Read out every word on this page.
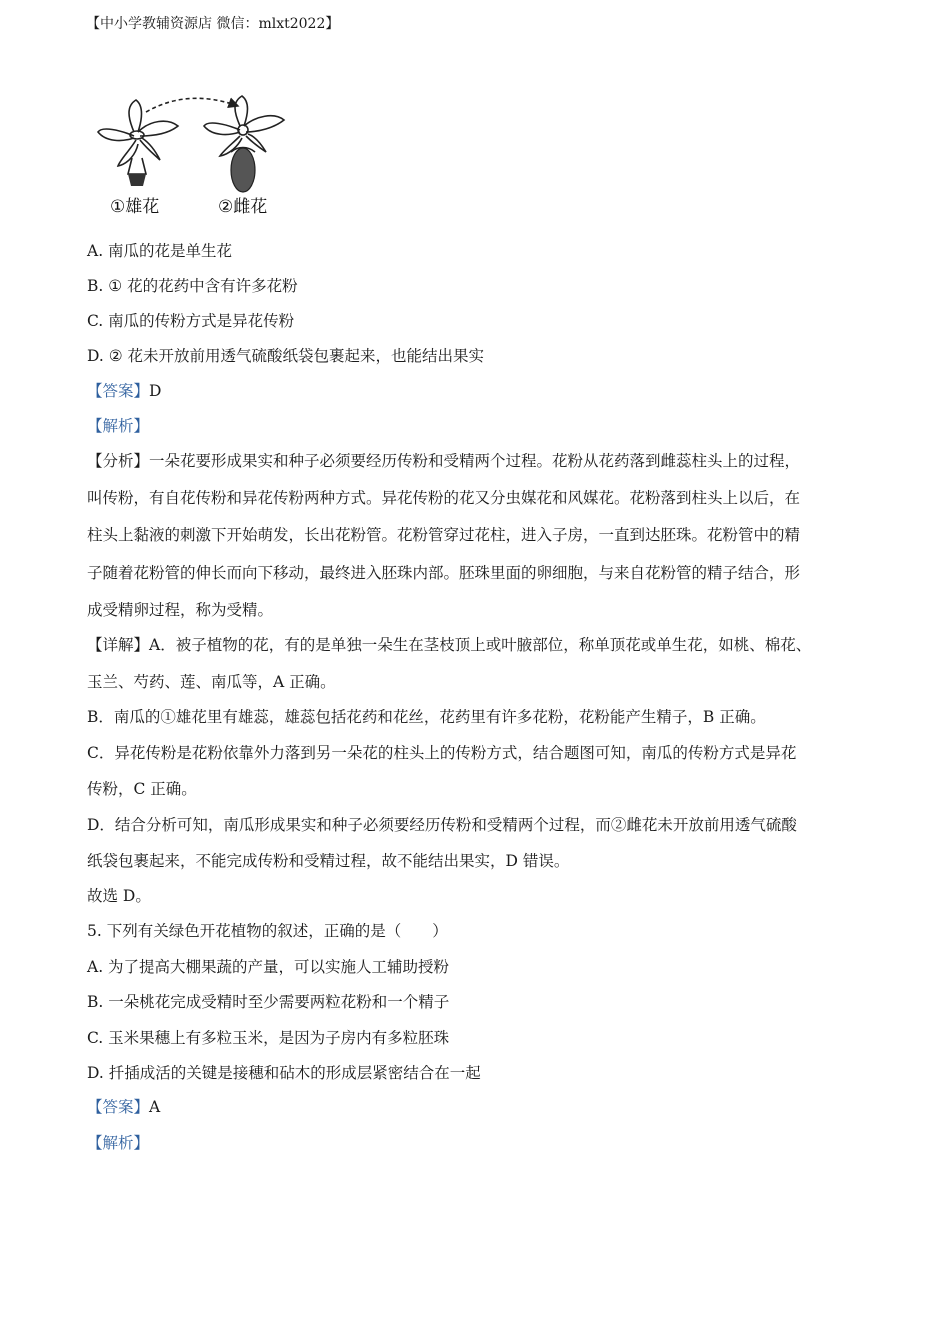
【中小学教辅资源店 微信：mlxt2022】
①雄花	②雌花
A. 南瓜的花是单生花
B. ① 花的花药中含有许多花粉
C. 南瓜的传粉方式是异花传粉
D. ② 花未开放前用透气硫酸纸袋包裹起来，也能结出果实
【答案】D
【解析】
【分析】一朵花要形成果实和种子必须要经历传粉和受精两个过程。花粉从花药落到雌蕊柱头上的过程，
叫传粉，有自花传粉和异花传粉两种方式。异花传粉的花又分虫媒花和风媒花。花粉落到柱头上以后，在
柱头上黏液的刺激下开始萌发，长出花粉管。花粉管穿过花柱，进入子房，一直到达胚珠。花粉管中的精
子随着花粉管的伸长而向下移动，最终进入胚珠内部。胚珠里面的卵细胞，与来自花粉管的精子结合，形
成受精卵过程，称为受精。
【详解】A．被子植物的花，有的是单独一朵生在茎枝顶上或叶腋部位，称单顶花或单生花，如桃、棉花、
玉兰、芍药、莲、南瓜等，A 正确。
B．南瓜的①雄花里有雄蕊，雄蕊包括花药和花丝，花药里有许多花粉，花粉能产生精子，B 正确。
C．异花传粉是花粉依靠外力落到另一朵花的柱头上的传粉方式，结合题图可知，南瓜的传粉方式是异花
传粉，C 正确。
D．结合分析可知，南瓜形成果实和种子必须要经历传粉和受精两个过程，而②雌花未开放前用透气硫酸
纸袋包裹起来，不能完成传粉和受精过程，故不能结出果实，D 错误。
故选 D。
5. 下列有关绿色开花植物的叙述，正确的是（　　）
A. 为了提高大棚果蔬的产量，可以实施人工辅助授粉
B. 一朵桃花完成受精时至少需要两粒花粉和一个精子
C. 玉米果穗上有多粒玉米，是因为子房内有多粒胚珠
D. 扦插成活的关键是接穗和砧木的形成层紧密结合在一起
【答案】A
【解析】
